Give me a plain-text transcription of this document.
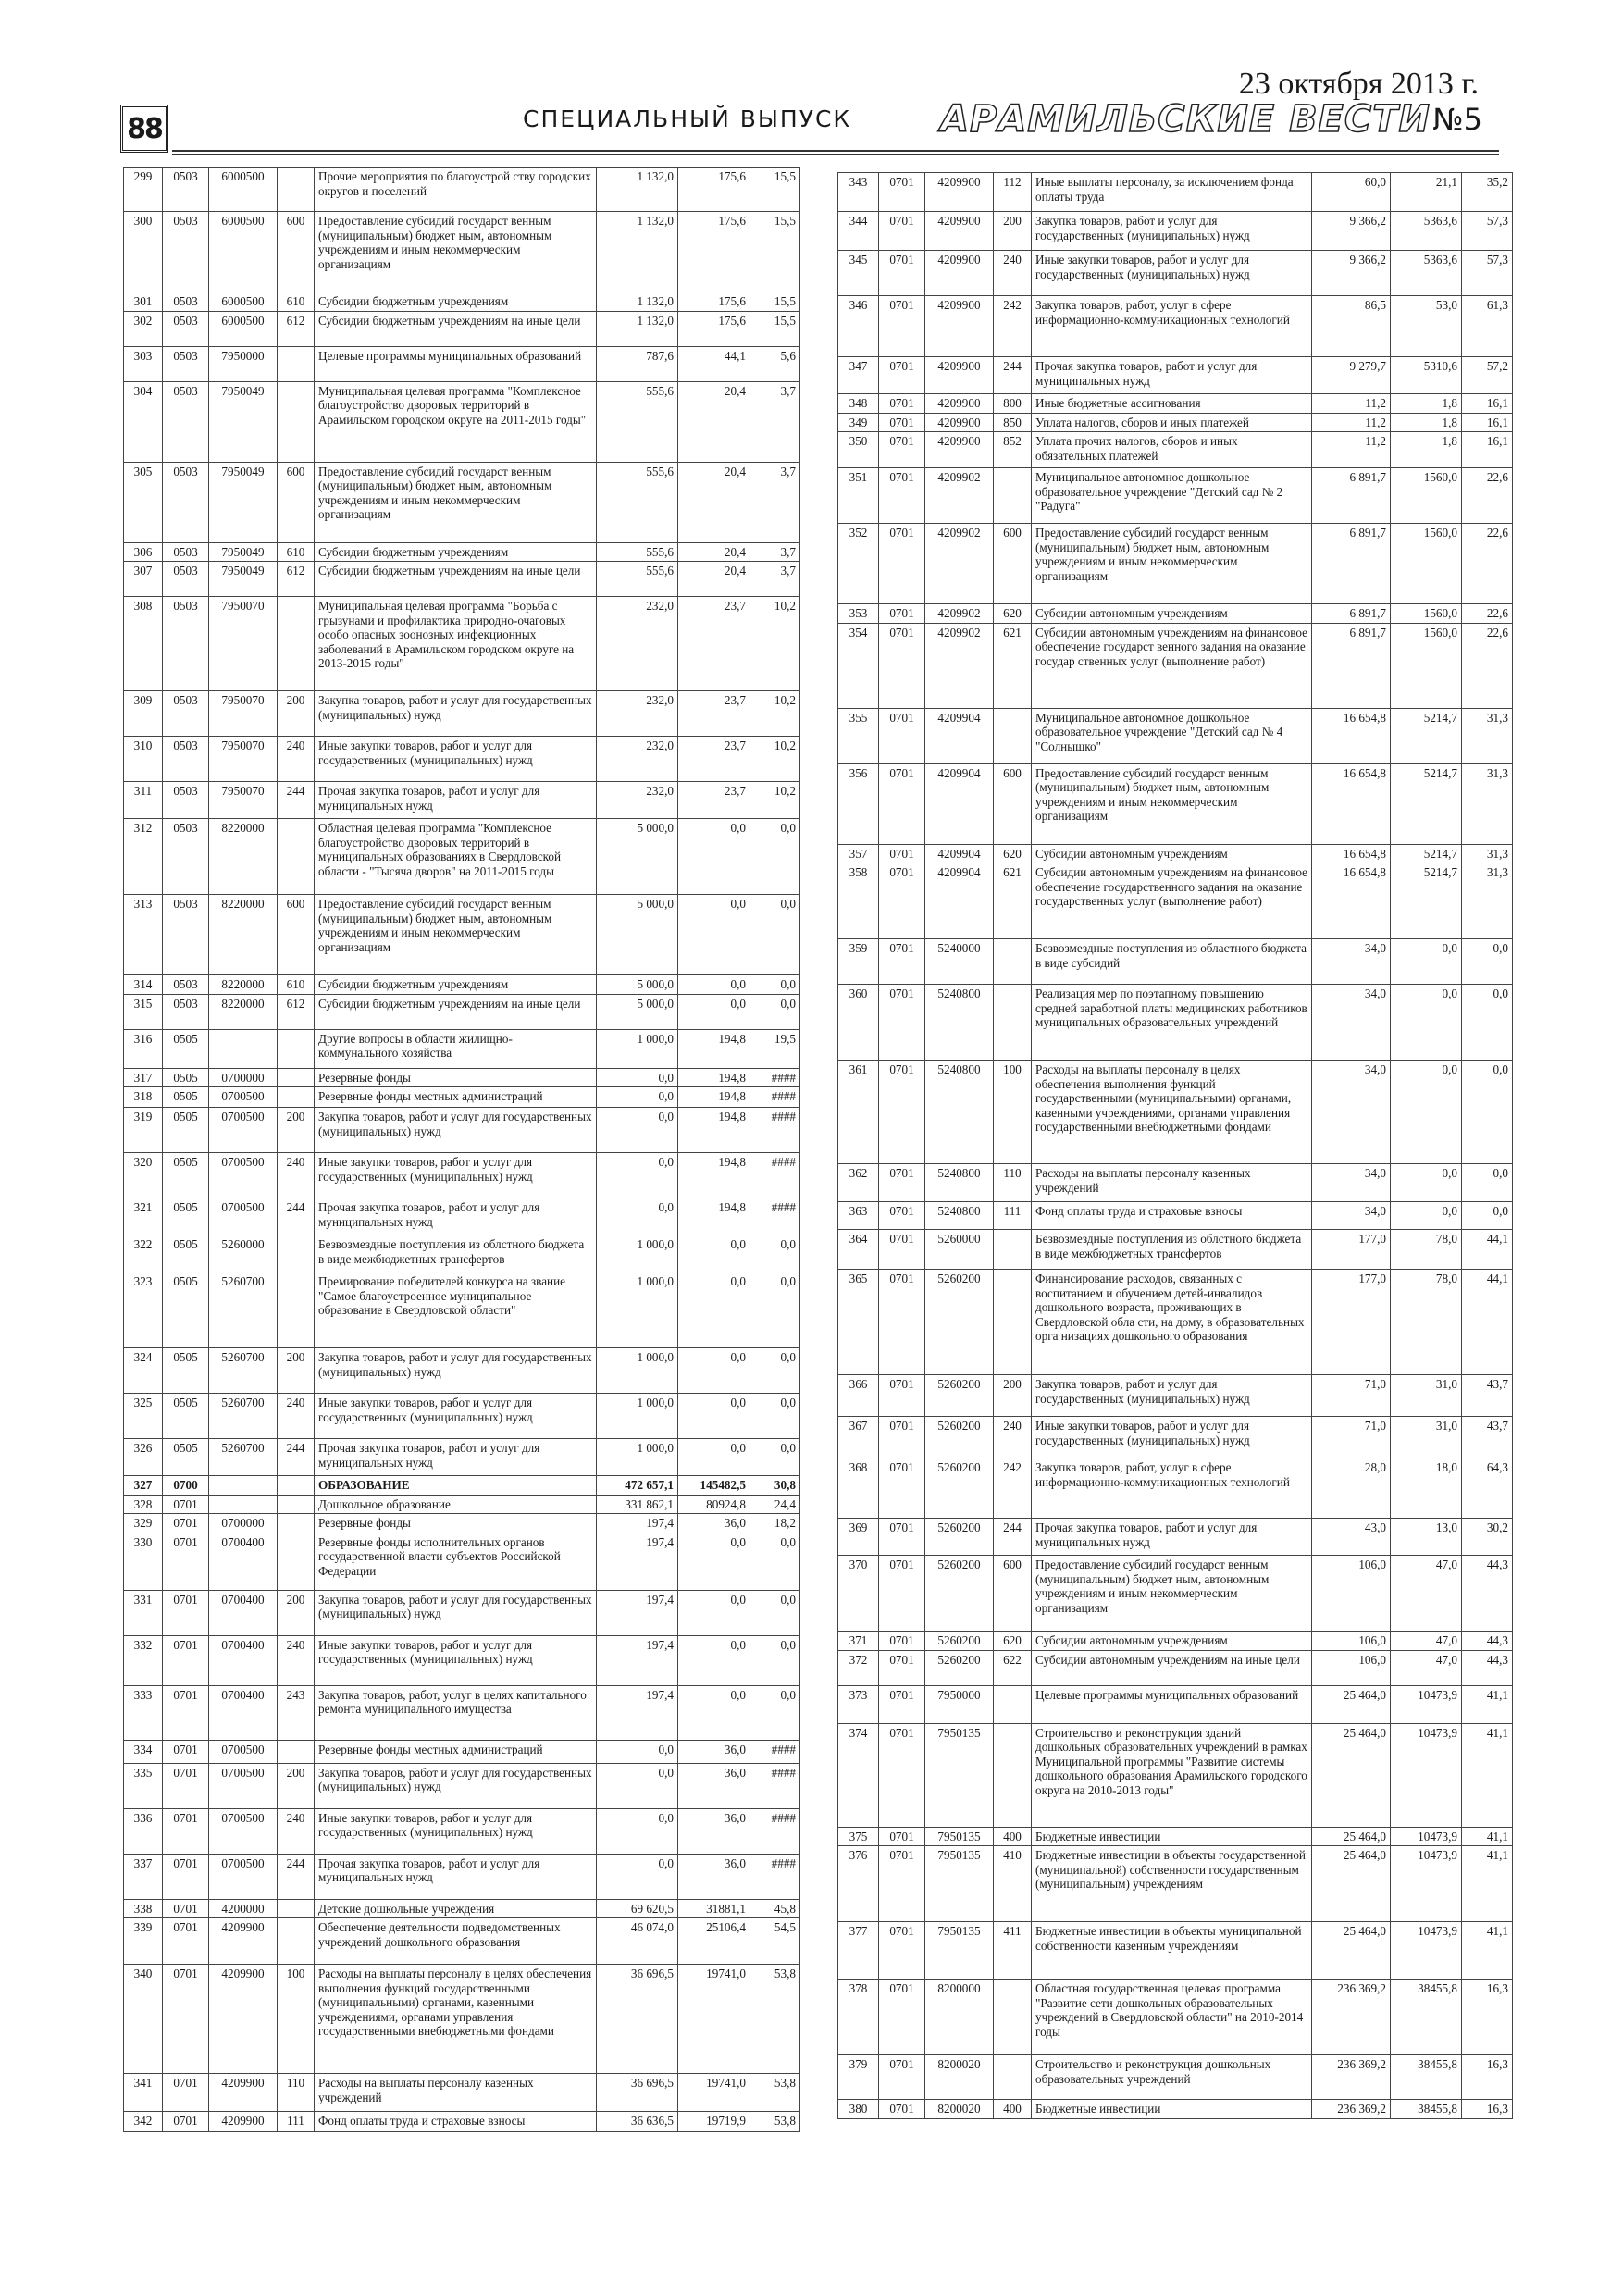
88	СПЕЦИАЛЬНЫЙ ВЫПУСК
23 октября 2013 г.
АРАМИЛЬСКИЕ ВЕСТИ №5
299	0503	6000500		Прочие мероприятия по благоустрой ству городских округов и поселений	1 132,0	175,6	15,5
300	0503	6000500	600	Предоставление субсидий государст венным (муниципальным) бюджет ным, автономным учреждениям и иным некоммерческим организациям	1 132,0	175,6	15,5
301	0503	6000500	610	Субсидии бюджетным учреждениям	1 132,0	175,6	15,5
302	0503	6000500	612	Субсидии бюджетным учреждениям на иные цели	1 132,0	175,6	15,5
303	0503	7950000		Целевые программы муниципальных образований	787,6	44,1	5,6
304	0503	7950049		Муниципальная целевая программа "Комплексное благоустройство дворовых территорий в Арамильском городском округе на 2011-2015 годы"	555,6	20,4	3,7
305	0503	7950049	600	Предоставление субсидий государст венным (муниципальным) бюджет ным, автономным учреждениям и иным некоммерческим организациям	555,6	20,4	3,7
306	0503	7950049	610	Субсидии бюджетным учреждениям	555,6	20,4	3,7
307	0503	7950049	612	Субсидии бюджетным учреждениям на иные цели	555,6	20,4	3,7
308	0503	7950070		Муниципальная целевая программа "Борьба с грызунами и профилактика природно-очаговых особо опасных зоонозных инфекционных заболеваний в Арамильском городском округе на 2013-2015 годы"	232,0	23,7	10,2
309	0503	7950070	200	Закупка товаров, работ и услуг для государственных (муниципальных) нужд	232,0	23,7	10,2
310	0503	7950070	240	Иные закупки товаров, работ и услуг для государственных (муниципальных) нужд	232,0	23,7	10,2
311	0503	7950070	244	Прочая закупка товаров, работ и услуг для муниципальных нужд	232,0	23,7	10,2
312	0503	8220000		Областная целевая программа "Комплексное благоустройство дворовых территорий в муниципальных образованиях в Свердловской области - "Тысяча дворов" на 2011-2015 годы	5 000,0	0,0	0,0
313	0503	8220000	600	Предоставление субсидий государст венным (муниципальным) бюджет ным, автономным учреждениям и иным некоммерческим организациям	5 000,0	0,0	0,0
314	0503	8220000	610	Субсидии бюджетным учреждениям	5 000,0	0,0	0,0
315	0503	8220000	612	Субсидии бюджетным учреждениям на иные цели	5 000,0	0,0	0,0
316	0505			Другие вопросы в области жилищно-коммунального хозяйства	1 000,0	194,8	19,5
317	0505	0700000		Резервные фонды	0,0	194,8	####
318	0505	0700500		Резервные фонды местных администраций	0,0	194,8	####
319	0505	0700500	200	Закупка товаров, работ и услуг для государственных (муниципальных) нужд	0,0	194,8	####
320	0505	0700500	240	Иные закупки товаров, работ и услуг для государственных (муниципальных) нужд	0,0	194,8	####
321	0505	0700500	244	Прочая закупка товаров, работ и услуг для муниципальных нужд	0,0	194,8	####
322	0505	5260000		Безвозмездные поступления из облстного бюджета в виде межбюджетных трансфертов	1 000,0	0,0	0,0
323	0505	5260700		Премирование победителей конкурса на звание "Самое благоустроенное муниципальное образование в Свердловской области"	1 000,0	0,0	0,0
324	0505	5260700	200	Закупка товаров, работ и услуг для государственных (муниципальных) нужд	1 000,0	0,0	0,0
325	0505	5260700	240	Иные закупки товаров, работ и услуг для государственных (муниципальных) нужд	1 000,0	0,0	0,0
326	0505	5260700	244	Прочая закупка товаров, работ и услуг для муниципальных нужд	1 000,0	0,0	0,0
327	0700			ОБРАЗОВАНИЕ	472 657,1	145482,5	30,8
328	0701			Дошкольное образование	331 862,1	80924,8	24,4
329	0701	0700000		Резервные фонды	197,4	36,0	18,2
330	0701	0700400		Резервные фонды исполнительных органов государственной власти субъектов Российской Федерации	197,4	0,0	0,0
331	0701	0700400	200	Закупка товаров, работ и услуг для государственных (муниципальных) нужд	197,4	0,0	0,0
332	0701	0700400	240	Иные закупки товаров, работ и услуг для государственных (муниципальных) нужд	197,4	0,0	0,0
333	0701	0700400	243	Закупка товаров, работ, услуг в целях капитального ремонта муниципального имущества	197,4	0,0	0,0
334	0701	0700500		Резервные фонды местных администраций	0,0	36,0	####
335	0701	0700500	200	Закупка товаров, работ и услуг для государственных (муниципальных) нужд	0,0	36,0	####
336	0701	0700500	240	Иные закупки товаров, работ и услуг для государственных (муниципальных) нужд	0,0	36,0	####
337	0701	0700500	244	Прочая закупка товаров, работ и услуг для муниципальных нужд	0,0	36,0	####
338	0701	4200000		Детские дошкольные учреждения	69 620,5	31881,1	45,8
339	0701	4209900		Обеспечение деятельности подведомственных учреждений дошкольного образования	46 074,0	25106,4	54,5
340	0701	4209900	100	Расходы на выплаты персоналу в целях обеспечения выполнения функций государственными (муниципальными) органами, казенными учреждениями, органами управления государственными внебюджетными фондами	36 696,5	19741,0	53,8
341	0701	4209900	110	Расходы на выплаты персоналу казенных учреждений	36 696,5	19741,0	53,8
342	0701	4209900	111	Фонд оплаты труда и страховые взносы	36 636,5	19719,9	53,8
343	0701	4209900	112	Иные выплаты персоналу, за исключением фонда оплаты труда	60,0	21,1	35,2
344	0701	4209900	200	Закупка товаров, работ и услуг для государственных (муниципальных) нужд	9 366,2	5363,6	57,3
345	0701	4209900	240	Иные закупки товаров, работ и услуг для государственных (муниципальных) нужд	9 366,2	5363,6	57,3
346	0701	4209900	242	Закупка товаров, работ, услуг в сфере информационно-коммуникационных технологий	86,5	53,0	61,3
347	0701	4209900	244	Прочая закупка товаров, работ и услуг для муниципальных нужд	9 279,7	5310,6	57,2
348	0701	4209900	800	Иные бюджетные ассигнования	11,2	1,8	16,1
349	0701	4209900	850	Уплата налогов, сборов и иных платежей	11,2	1,8	16,1
350	0701	4209900	852	Уплата прочих налогов, сборов и иных обязательных платежей	11,2	1,8	16,1
351	0701	4209902		Муниципальное автономное дошкольное образовательное учреждение "Детский сад № 2 "Радуга"	6 891,7	1560,0	22,6
352	0701	4209902	600	Предоставление субсидий государст венным (муниципальным) бюджет ным, автономным учреждениям и иным некоммерческим организациям	6 891,7	1560,0	22,6
353	0701	4209902	620	Субсидии автономным учреждениям	6 891,7	1560,0	22,6
354	0701	4209902	621	Субсидии автономным учреждениям на финансовое обеспечение государст венного задания на оказание государ ственных услуг (выполнение работ)	6 891,7	1560,0	22,6
355	0701	4209904		Муниципальное автономное дошкольное образовательное учреждение "Детский сад № 4 "Солнышко"	16 654,8	5214,7	31,3
356	0701	4209904	600	Предоставление субсидий государст венным (муниципальным) бюджет ным, автономным учреждениям и иным некоммерческим организациям	16 654,8	5214,7	31,3
357	0701	4209904	620	Субсидии автономным учреждениям	16 654,8	5214,7	31,3
358	0701	4209904	621	Субсидии автономным учреждениям на финансовое обеспечение государственного задания на оказание государственных услуг (выполнение работ)	16 654,8	5214,7	31,3
359	0701	5240000		Безвозмездные поступления из областного бюджета в виде субсидий	34,0	0,0	0,0
360	0701	5240800		Реализация мер по поэтапному повышению средней заработной платы медицинских работников муниципальных образовательных учреждений	34,0	0,0	0,0
361	0701	5240800	100	Расходы на выплаты персоналу в целях обеспечения выполнения функций государственными (муниципальными) органами, казенными учреждениями, органами управления государственными внебюджетными фондами	34,0	0,0	0,0
362	0701	5240800	110	Расходы на выплаты персоналу казенных учреждений	34,0	0,0	0,0
363	0701	5240800	111	Фонд оплаты труда и страховые взносы	34,0	0,0	0,0
364	0701	5260000		Безвозмездные поступления из облстного бюджета в виде межбюджетных трансфертов	177,0	78,0	44,1
365	0701	5260200		Финансирование расходов, связанных с воспитанием и обучением детей-инвалидов дошкольного возраста, проживающих в Свердловской обла сти, на дому, в образовательных орга низациях дошкольного образования	177,0	78,0	44,1
366	0701	5260200	200	Закупка товаров, работ и услуг для государственных (муниципальных) нужд	71,0	31,0	43,7
367	0701	5260200	240	Иные закупки товаров, работ и услуг для государственных (муниципальных) нужд	71,0	31,0	43,7
368	0701	5260200	242	Закупка товаров, работ, услуг в сфере информационно-коммуникационных технологий	28,0	18,0	64,3
369	0701	5260200	244	Прочая закупка товаров, работ и услуг для муниципальных нужд	43,0	13,0	30,2
370	0701	5260200	600	Предоставление субсидий государст венным (муниципальным) бюджет ным, автономным учреждениям и иным некоммерческим организациям	106,0	47,0	44,3
371	0701	5260200	620	Субсидии автономным учреждениям	106,0	47,0	44,3
372	0701	5260200	622	Субсидии автономным учреждениям на иные цели	106,0	47,0	44,3
373	0701	7950000		Целевые программы муниципальных образований	25 464,0	10473,9	41,1
374	0701	7950135		Строительство и реконструкция зданий дошкольных образовательных учреждений в рамках Муниципальной программы "Развитие системы дошкольного образования Арамильского городского округа на 2010-2013 годы"	25 464,0	10473,9	41,1
375	0701	7950135	400	Бюджетные инвестиции	25 464,0	10473,9	41,1
376	0701	7950135	410	Бюджетные инвестиции в объекты государственной (муниципальной) собственности государственным (муниципальным) учреждениям	25 464,0	10473,9	41,1
377	0701	7950135	411	Бюджетные инвестиции в объекты муниципальной собственности казенным учреждениям	25 464,0	10473,9	41,1
378	0701	8200000		Областная государственная целевая программа "Развитие сети дошкольных образовательных учреждений в Свердловской области" на 2010-2014 годы	236 369,2	38455,8	16,3
379	0701	8200020		Строительство и реконструкция дошкольных образовательных учреждений	236 369,2	38455,8	16,3
380	0701	8200020	400	Бюджетные инвестиции	236 369,2	38455,8	16,3
